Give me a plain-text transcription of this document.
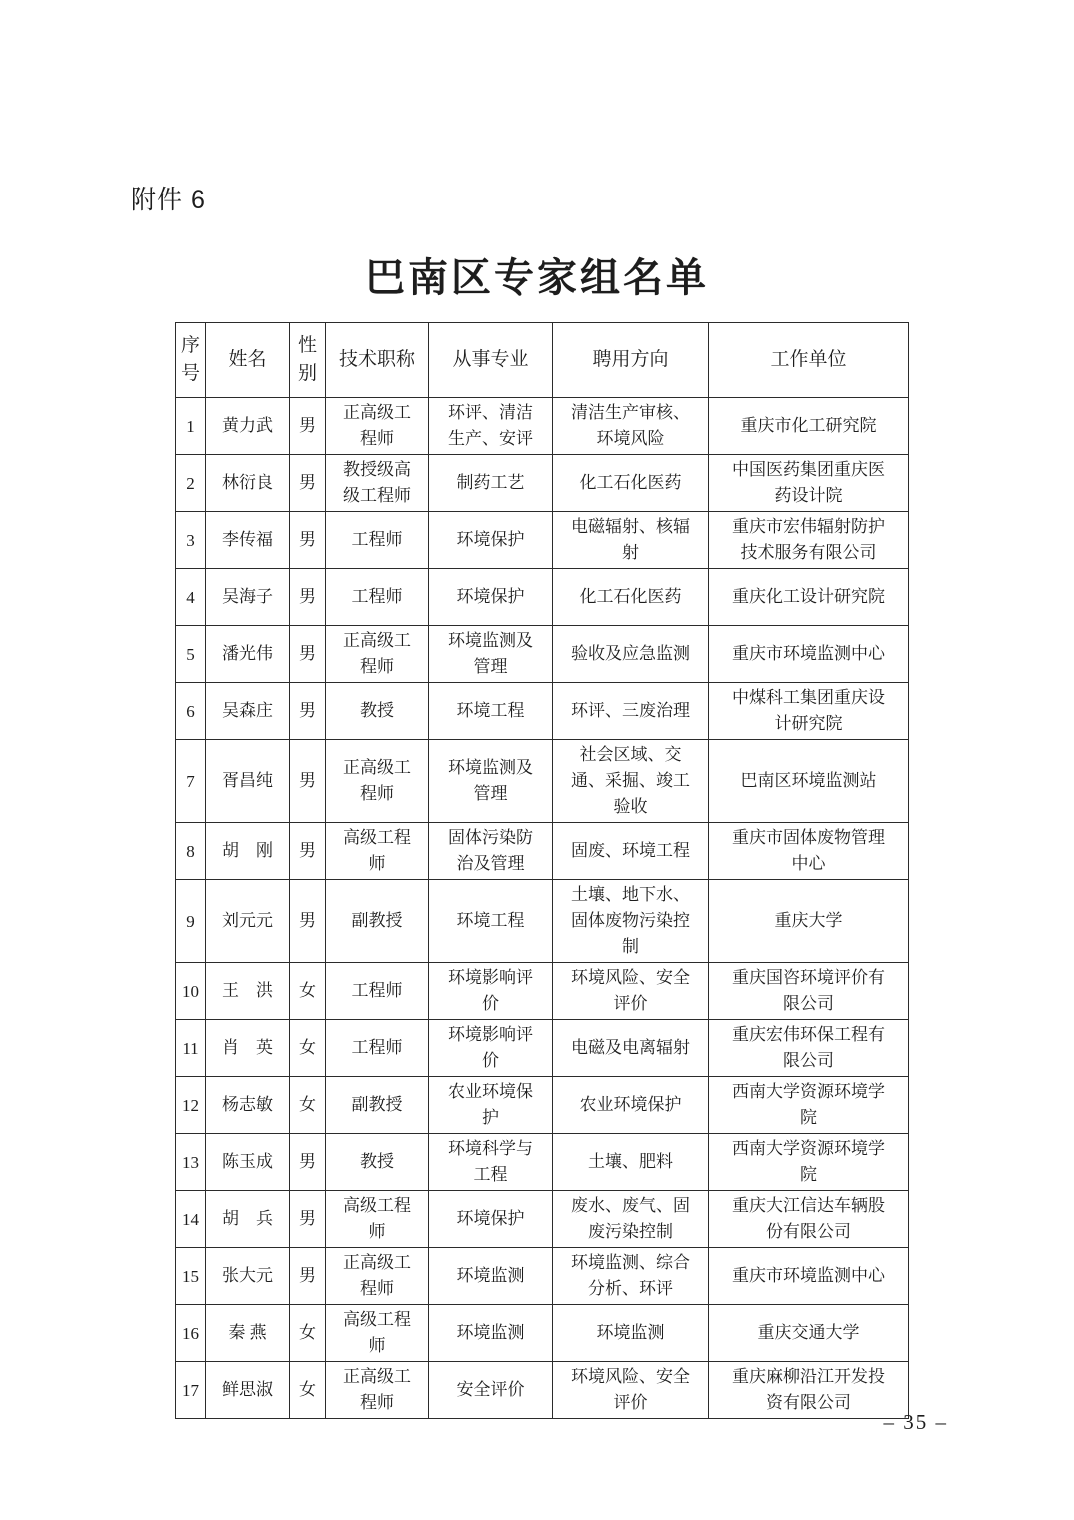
附件 6
巴南区专家组名单
序号	姓名	性别	技术职称	从事专业	聘用方向	工作单位
1	黄力武	男	正高级工程师	环评、清洁生产、安评	清洁生产审核、环境风险	重庆市化工研究院
2	林衍良	男	教授级高级工程师	制药工艺	化工石化医药	中国医药集团重庆医药设计院
3	李传福	男	工程师	环境保护	电磁辐射、核辐射	重庆市宏伟辐射防护技术服务有限公司
4	吴海子	男	工程师	环境保护	化工石化医药	重庆化工设计研究院
5	潘光伟	男	正高级工程师	环境监测及管理	验收及应急监测	重庆市环境监测中心
6	吴森庄	男	教授	环境工程	环评、三废治理	中煤科工集团重庆设计研究院
7	胥昌纯	男	正高级工程师	环境监测及管理	社会区域、交通、采掘、竣工验收	巴南区环境监测站
8	胡　刚	男	高级工程师	固体污染防治及管理	固废、环境工程	重庆市固体废物管理中心
9	刘元元	男	副教授	环境工程	土壤、地下水、固体废物污染控制	重庆大学
10	王　洪	女	工程师	环境影响评价	环境风险、安全评价	重庆国咨环境评价有限公司
11	肖　英	女	工程师	环境影响评价	电磁及电离辐射	重庆宏伟环保工程有限公司
12	杨志敏	女	副教授	农业环境保护	农业环境保护	西南大学资源环境学院
13	陈玉成	男	教授	环境科学与工程	土壤、肥料	西南大学资源环境学院
14	胡　兵	男	高级工程师	环境保护	废水、废气、固废污染控制	重庆大江信达车辆股份有限公司
15	张大元	男	正高级工程师	环境监测	环境监测、综合分析、环评	重庆市环境监测中心
16	秦 燕	女	高级工程师	环境监测	环境监测	重庆交通大学
17	鲜思淑	女	正高级工程师	安全评价	环境风险、安全评价	重庆麻柳沿江开发投资有限公司
– 35 –
